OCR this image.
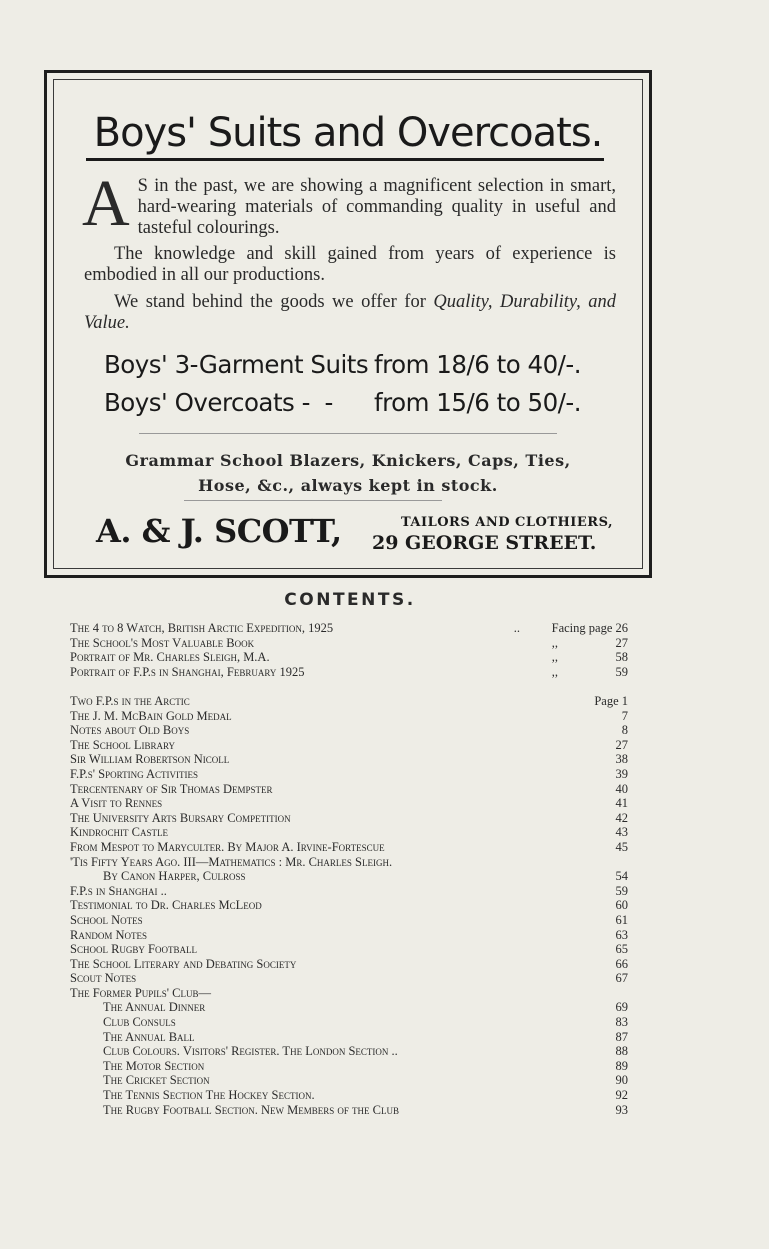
Boys' Suits and Overcoats.

A S in the past, we are showing a magnificent selection in smart, hard-wearing materials of commanding quality in useful and tasteful colourings.

The knowledge and skill gained from years of experience is embodied in all our productions.

We stand behind the goods we offer for Quality, Durability, and Value.

Boys' 3-Garment Suits from 18/6 to 40/-.
Boys' Overcoats -  - from 15/6 to 50/-.
Grammar School Blazers, Knickers, Caps, Ties,
Hose, &c., always kept in stock.
A. & J. SCOTT,	TAILORS AND CLOTHIERS,
29 GEORGE STREET.
CONTENTS.
The 4 to 8 Watch, British Arctic Expedition, 1925	..	Facing page 26
The School's Most Valuable Book	,,	27
Portrait of Mr. Charles Sleigh, M.A.	,,	58
Portrait of F.P.s in Shanghai, February 1925	,,	59
Two F.P.s in the Arctic	Page 1
The J. M. McBain Gold Medal	7
Notes about Old Boys	8
The School Library	27
Sir William Robertson Nicoll	38
F.P.s' Sporting Activities	39
Tercentenary of Sir Thomas Dempster	40
A Visit to Rennes	41
The University Arts Bursary Competition	42
Kindrochit Castle	43
From Mespot to Maryculter. By Major A. Irvine-Fortescue	45
'Tis Fifty Years Ago. III—Mathematics : Mr. Charles Sleigh.
By Canon Harper, Culross	54
F.P.s in Shanghai ..	59
Testimonial to Dr. Charles McLeod	60
School Notes	61
Random Notes	63
School Rugby Football	65
The School Literary and Debating Society	66
Scout Notes	67
The Former Pupils' Club—
The Annual Dinner	69
Club Consuls	83
The Annual Ball	87
Club Colours. Visitors' Register. The London Section ..	88
The Motor Section	89
The Cricket Section	90
The Tennis Section The Hockey Section.	92
The Rugby Football Section. New Members of the Club	93
